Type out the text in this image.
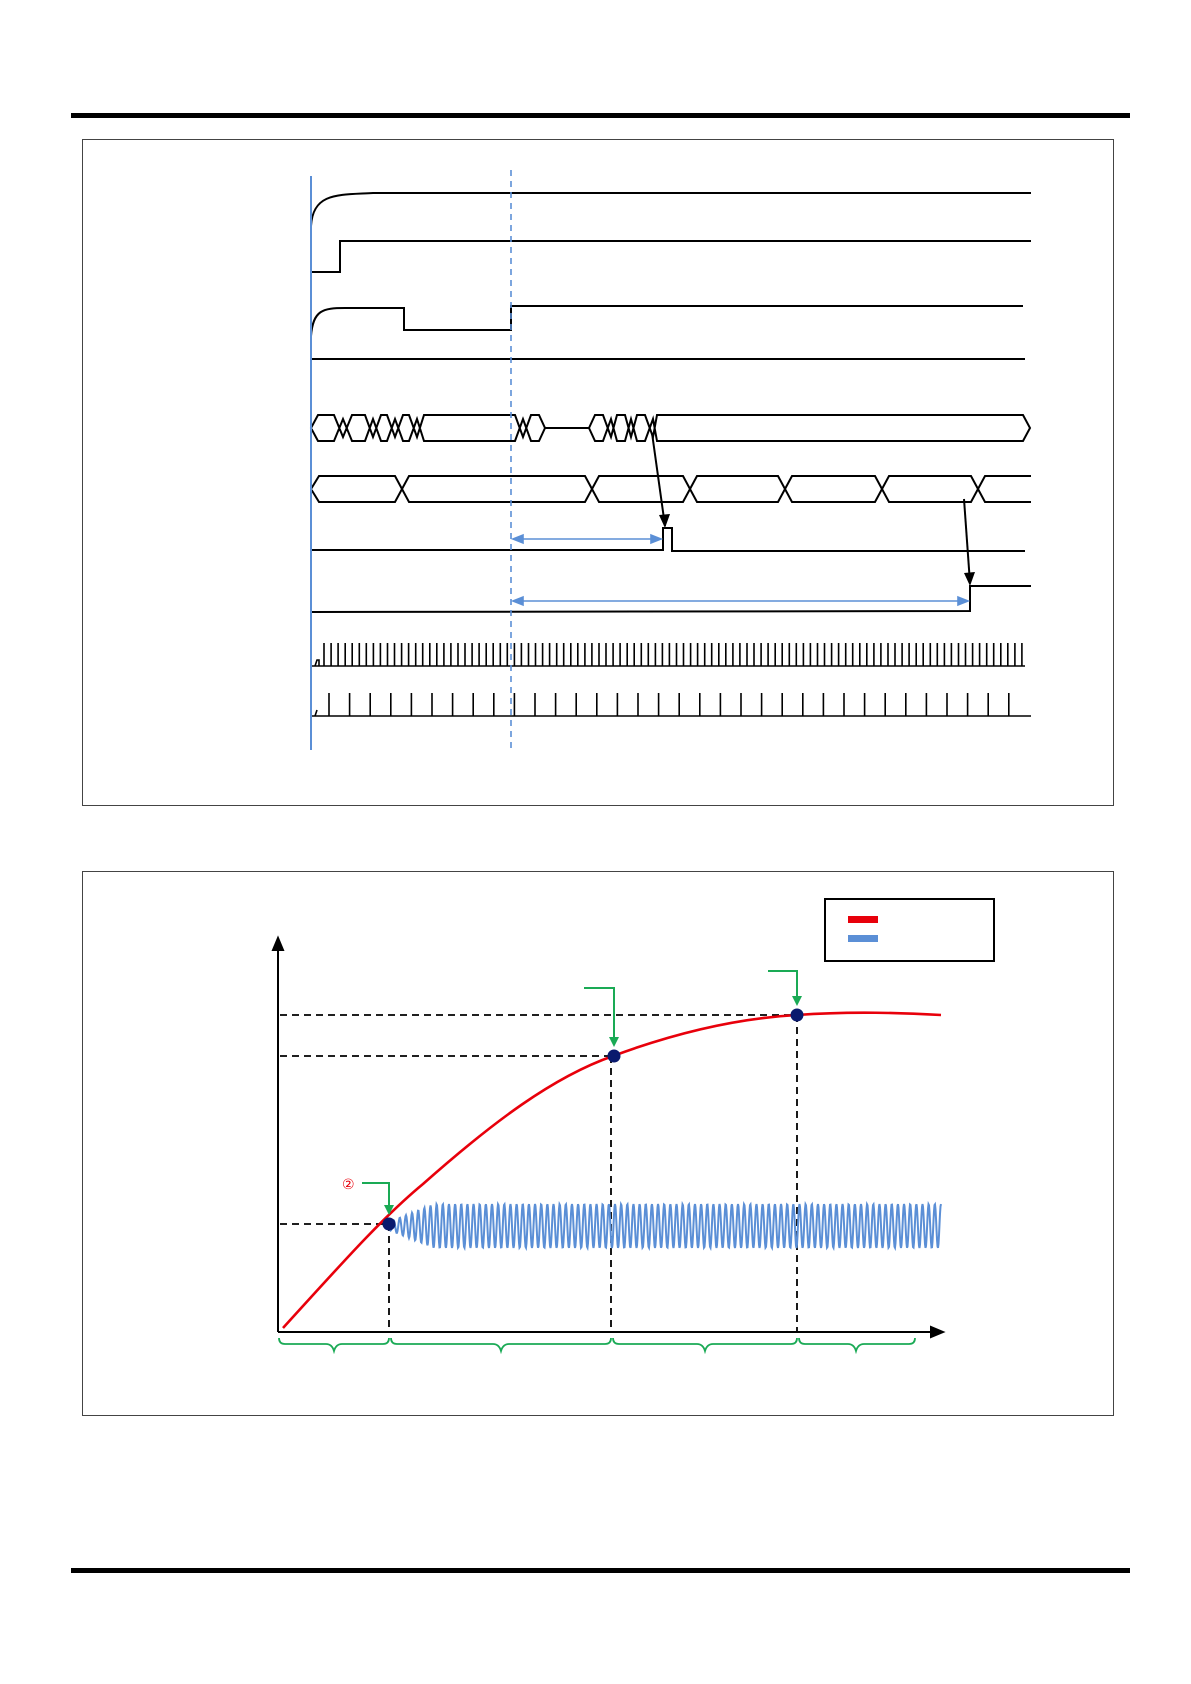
②
